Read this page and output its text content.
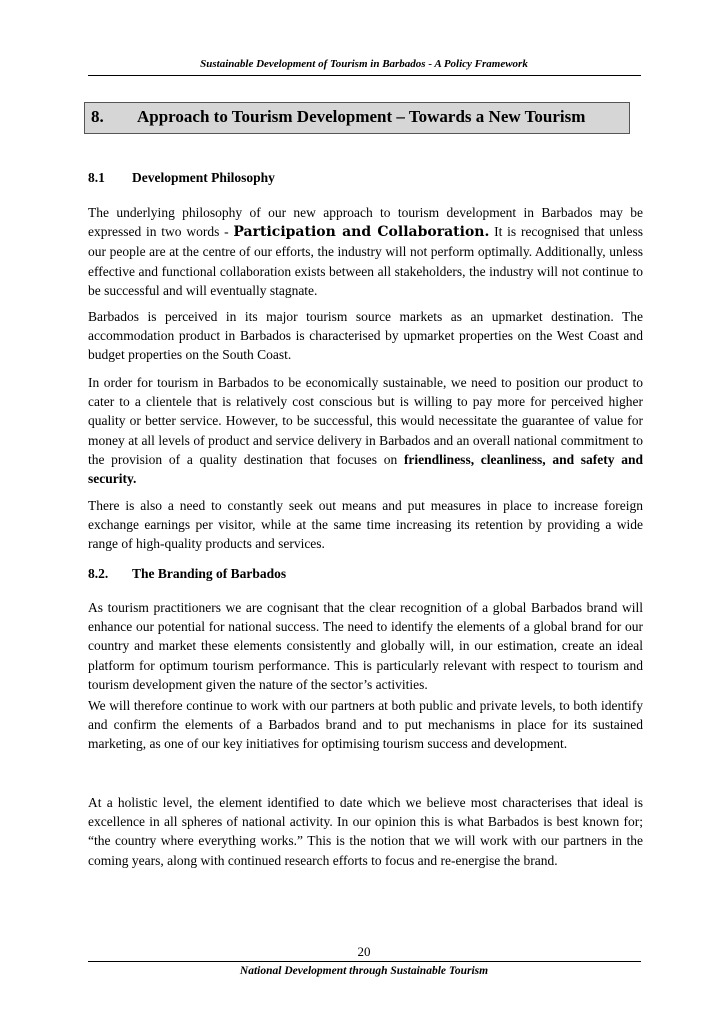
Sustainable Development of Tourism in Barbados - A Policy Framework
8. Approach to Tourism Development – Towards a New Tourism
8.1 Development Philosophy

The underlying philosophy of our new approach to tourism development in Barbados may be expressed in two words - Participation and Collaboration. It is recognised that unless our people are at the centre of our efforts, the industry will not perform optimally. Additionally, unless effective and functional collaboration exists between all stakeholders, the industry will not continue to be successful and will eventually stagnate.

Barbados is perceived in its major tourism source markets as an upmarket destination. The accommodation product in Barbados is characterised by upmarket properties on the West Coast and budget properties on the South Coast.

In order for tourism in Barbados to be economically sustainable, we need to position our product to cater to a clientele that is relatively cost conscious but is willing to pay more for perceived higher quality or better service. However, to be successful, this would necessitate the guarantee of value for money at all levels of product and service delivery in Barbados and an overall national commitment to the provision of a quality destination that focuses on friendliness, cleanliness, and safety and security.

There is also a need to constantly seek out means and put measures in place to increase foreign exchange earnings per visitor, while at the same time increasing its retention by providing a wide range of high-quality products and services.

8.2. The Branding of Barbados

As tourism practitioners we are cognisant that the clear recognition of a global Barbados brand will enhance our potential for national success. The need to identify the elements of a global brand for our country and market these elements consistently and globally will, in our estimation, create an ideal platform for optimum tourism performance. This is particularly relevant with respect to tourism and tourism development given the nature of the sector’s activities.

We will therefore continue to work with our partners at both public and private levels, to both identify and confirm the elements of a Barbados brand and to put mechanisms in place for its sustained marketing, as one of our key initiatives for optimising tourism success and development.

At a holistic level, the element identified to date which we believe most characterises that ideal is excellence in all spheres of national activity. In our opinion this is what Barbados is best known for; “the country where everything works.” This is the notion that we will work with our partners in the coming years, along with continued research efforts to focus and re-energise the brand.

20
National Development through Sustainable Tourism
